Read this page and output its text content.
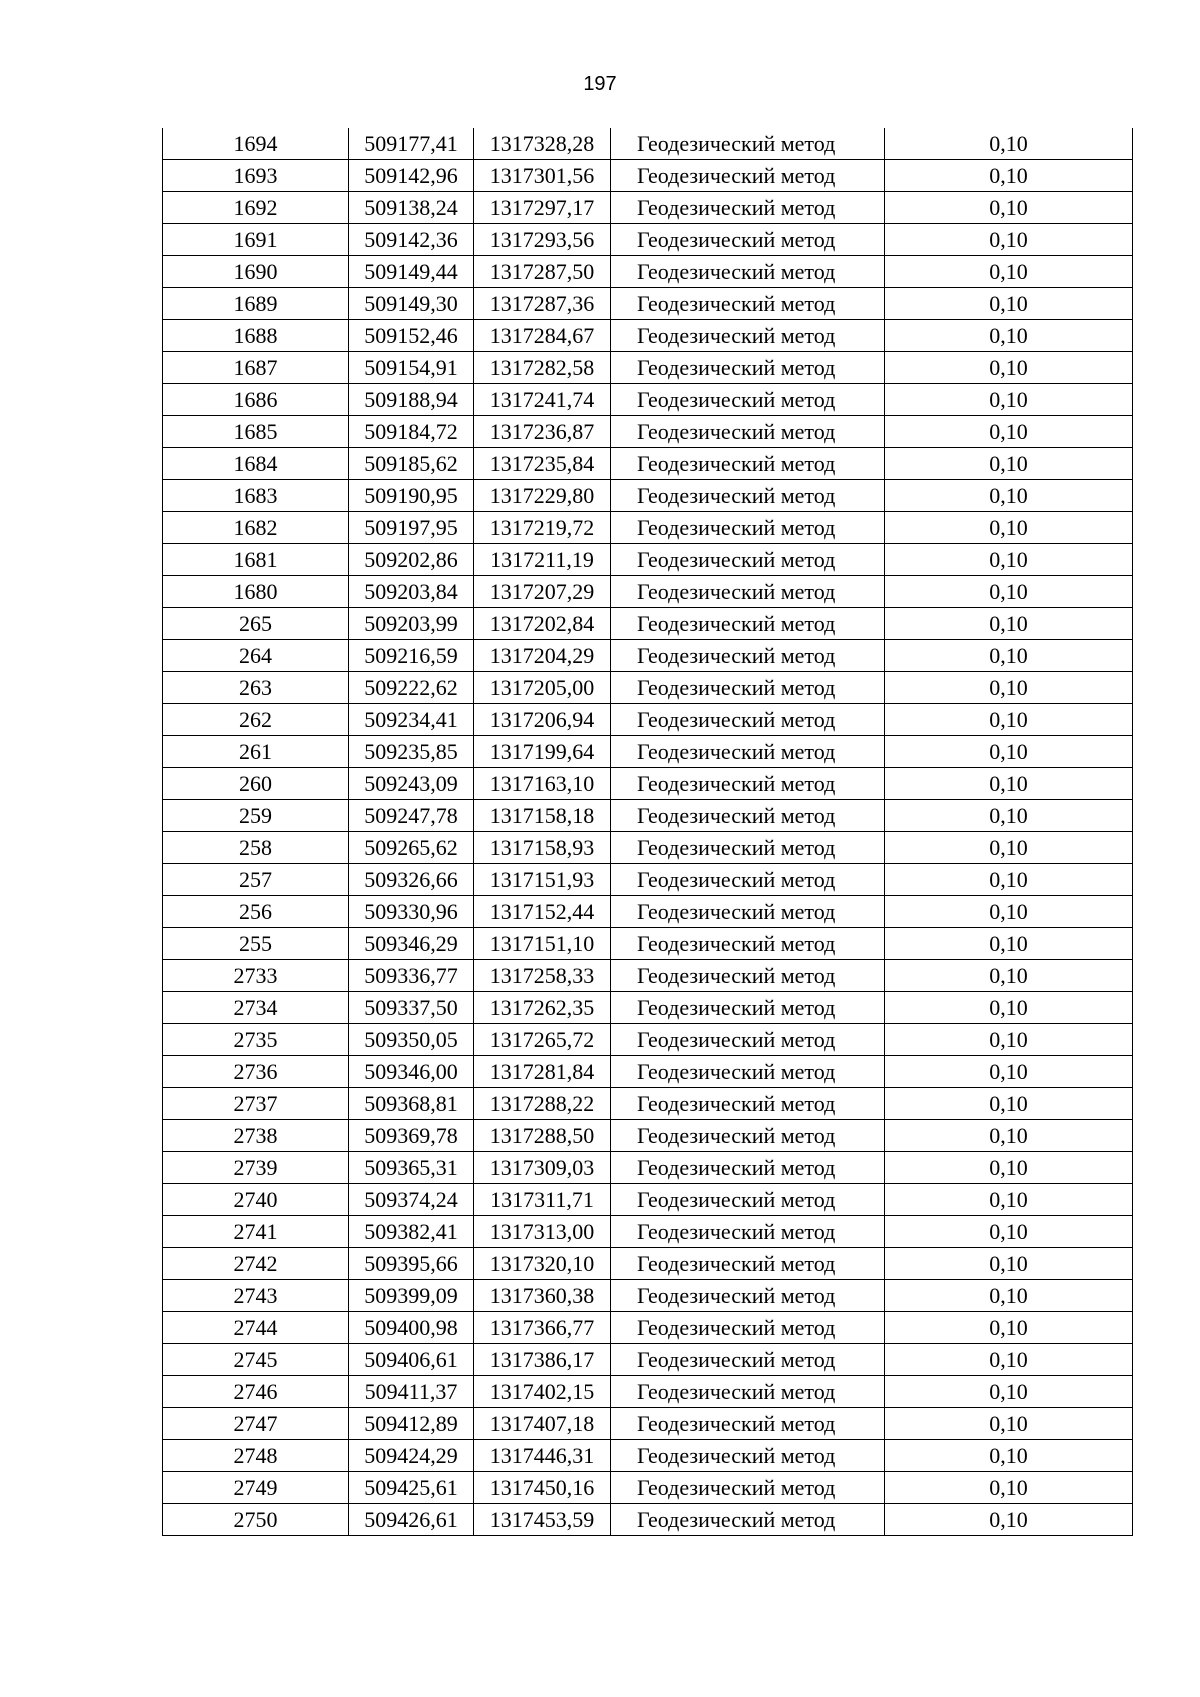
197
1694	509177,41	1317328,28	Геодезический метод	0,10
1693	509142,96	1317301,56	Геодезический метод	0,10
1692	509138,24	1317297,17	Геодезический метод	0,10
1691	509142,36	1317293,56	Геодезический метод	0,10
1690	509149,44	1317287,50	Геодезический метод	0,10
1689	509149,30	1317287,36	Геодезический метод	0,10
1688	509152,46	1317284,67	Геодезический метод	0,10
1687	509154,91	1317282,58	Геодезический метод	0,10
1686	509188,94	1317241,74	Геодезический метод	0,10
1685	509184,72	1317236,87	Геодезический метод	0,10
1684	509185,62	1317235,84	Геодезический метод	0,10
1683	509190,95	1317229,80	Геодезический метод	0,10
1682	509197,95	1317219,72	Геодезический метод	0,10
1681	509202,86	1317211,19	Геодезический метод	0,10
1680	509203,84	1317207,29	Геодезический метод	0,10
265	509203,99	1317202,84	Геодезический метод	0,10
264	509216,59	1317204,29	Геодезический метод	0,10
263	509222,62	1317205,00	Геодезический метод	0,10
262	509234,41	1317206,94	Геодезический метод	0,10
261	509235,85	1317199,64	Геодезический метод	0,10
260	509243,09	1317163,10	Геодезический метод	0,10
259	509247,78	1317158,18	Геодезический метод	0,10
258	509265,62	1317158,93	Геодезический метод	0,10
257	509326,66	1317151,93	Геодезический метод	0,10
256	509330,96	1317152,44	Геодезический метод	0,10
255	509346,29	1317151,10	Геодезический метод	0,10
2733	509336,77	1317258,33	Геодезический метод	0,10
2734	509337,50	1317262,35	Геодезический метод	0,10
2735	509350,05	1317265,72	Геодезический метод	0,10
2736	509346,00	1317281,84	Геодезический метод	0,10
2737	509368,81	1317288,22	Геодезический метод	0,10
2738	509369,78	1317288,50	Геодезический метод	0,10
2739	509365,31	1317309,03	Геодезический метод	0,10
2740	509374,24	1317311,71	Геодезический метод	0,10
2741	509382,41	1317313,00	Геодезический метод	0,10
2742	509395,66	1317320,10	Геодезический метод	0,10
2743	509399,09	1317360,38	Геодезический метод	0,10
2744	509400,98	1317366,77	Геодезический метод	0,10
2745	509406,61	1317386,17	Геодезический метод	0,10
2746	509411,37	1317402,15	Геодезический метод	0,10
2747	509412,89	1317407,18	Геодезический метод	0,10
2748	509424,29	1317446,31	Геодезический метод	0,10
2749	509425,61	1317450,16	Геодезический метод	0,10
2750	509426,61	1317453,59	Геодезический метод	0,10
